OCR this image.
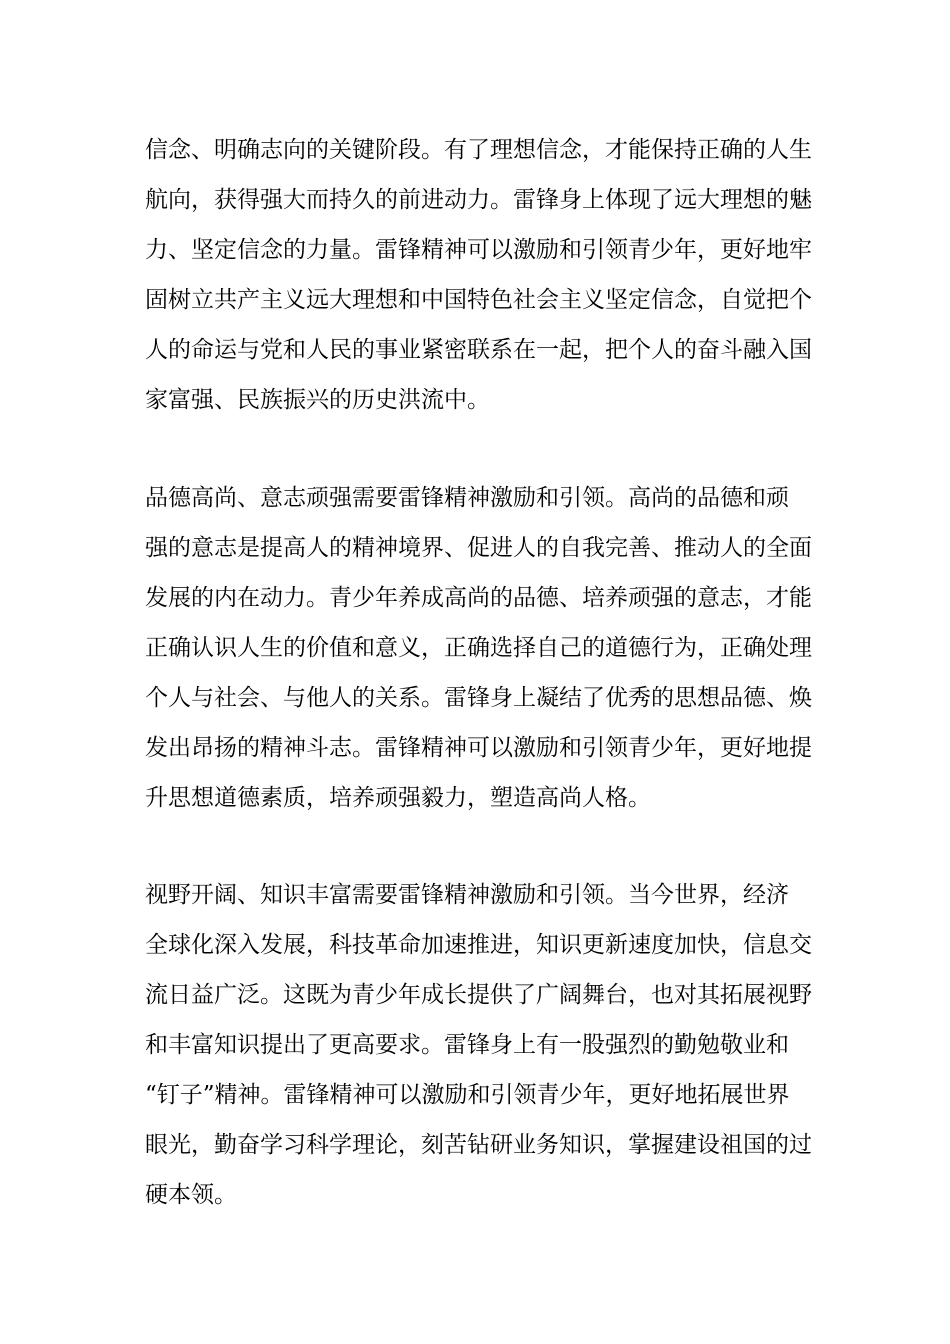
信念、明确志向的关键阶段。有了理想信念，才能保持正确的人生
航向，获得强大而持久的前进动力。雷锋身上体现了远大理想的魅
力、坚定信念的力量。雷锋精神可以激励和引领青少年，更好地牢
固树立共产主义远大理想和中国特色社会主义坚定信念，自觉把个
人的命运与党和人民的事业紧密联系在一起，把个人的奋斗融入国
家富强、民族振兴的历史洪流中。
品德高尚、意志顽强需要雷锋精神激励和引领。高尚的品德和顽
强的意志是提高人的精神境界、促进人的自我完善、推动人的全面
发展的内在动力。青少年养成高尚的品德、培养顽强的意志，才能
正确认识人生的价值和意义，正确选择自己的道德行为，正确处理
个人与社会、与他人的关系。雷锋身上凝结了优秀的思想品德、焕
发出昂扬的精神斗志。雷锋精神可以激励和引领青少年，更好地提
升思想道德素质，培养顽强毅力，塑造高尚人格。
视野开阔、知识丰富需要雷锋精神激励和引领。当今世界，经济
全球化深入发展，科技革命加速推进，知识更新速度加快，信息交
流日益广泛。这既为青少年成长提供了广阔舞台，也对其拓展视野
和丰富知识提出了更高要求。雷锋身上有一股强烈的勤勉敬业和
“钉子”精神。雷锋精神可以激励和引领青少年，更好地拓展世界
眼光，勤奋学习科学理论，刻苦钻研业务知识，掌握建设祖国的过
硬本领。
